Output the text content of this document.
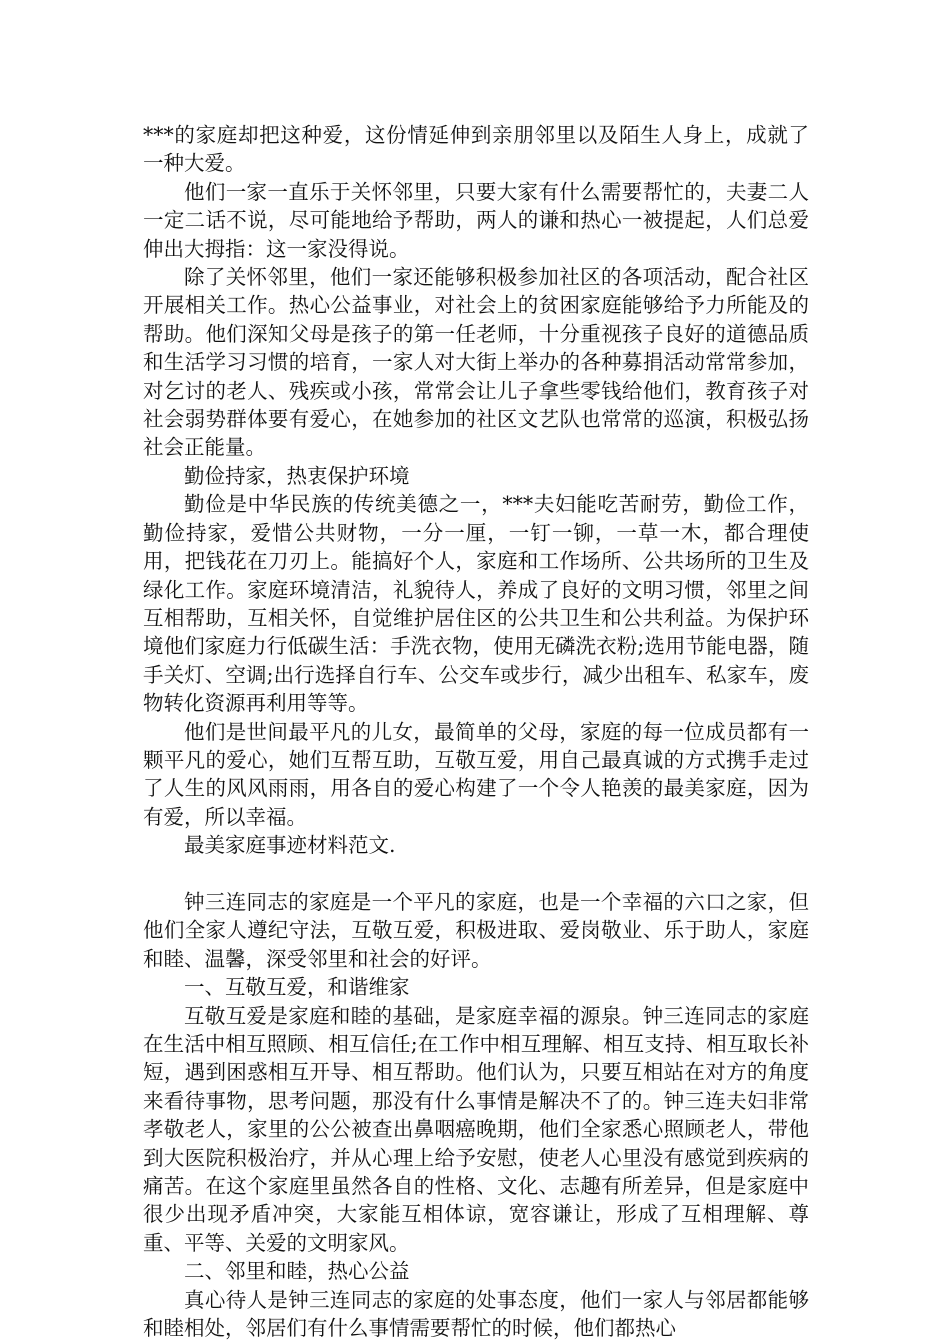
***的家庭却把这种爱，这份情延伸到亲朋邻里以及陌生人身上，成就了一种大爱。

他们一家一直乐于关怀邻里，只要大家有什么需要帮忙的，夫妻二人一定二话不说，尽可能地给予帮助，两人的谦和热心一被提起，人们总爱伸出大拇指：这一家没得说。

除了关怀邻里，他们一家还能够积极参加社区的各项活动，配合社区开展相关工作。热心公益事业，对社会上的贫困家庭能够给予力所能及的帮助。他们深知父母是孩子的第一任老师，十分重视孩子良好的道德品质和生活学习习惯的培育，一家人对大街上举办的各种募捐活动常常参加，对乞讨的老人、残疾或小孩，常常会让儿子拿些零钱给他们，教育孩子对社会弱势群体要有爱心，在她参加的社区文艺队也常常的巡演，积极弘扬社会正能量。

勤俭持家，热衷保护环境

勤俭是中华民族的传统美德之一，***夫妇能吃苦耐劳，勤俭工作，勤俭持家，爱惜公共财物，一分一厘，一钉一铆，一草一木，都合理使用，把钱花在刀刃上。能搞好个人，家庭和工作场所、公共场所的卫生及绿化工作。家庭环境清洁，礼貌待人，养成了良好的文明习惯，邻里之间互相帮助，互相关怀，自觉维护居住区的公共卫生和公共利益。为保护环境他们家庭力行低碳生活：手洗衣物，使用无磷洗衣粉;选用节能电器，随手关灯、空调;出行选择自行车、公交车或步行，减少出租车、私家车，废物转化资源再利用等等。

他们是世间最平凡的儿女，最简单的父母，家庭的每一位成员都有一颗平凡的爱心，她们互帮互助，互敬互爱，用自己最真诚的方式携手走过了人生的风风雨雨，用各自的爱心构建了一个令人艳羡的最美家庭，因为有爱，所以幸福。

最美家庭事迹材料范文.

钟三连同志的家庭是一个平凡的家庭，也是一个幸福的六口之家，但他们全家人遵纪守法，互敬互爱，积极进取、爱岗敬业、乐于助人，家庭和睦、温馨，深受邻里和社会的好评。

一、互敬互爱，和谐维家

互敬互爱是家庭和睦的基础，是家庭幸福的源泉。钟三连同志的家庭在生活中相互照顾、相互信任;在工作中相互理解、相互支持、相互取长补短，遇到困惑相互开导、相互帮助。他们认为，只要互相站在对方的角度来看待事物，思考问题，那没有什么事情是解决不了的。钟三连夫妇非常孝敬老人，家里的公公被查出鼻咽癌晚期，他们全家悉心照顾老人，带他到大医院积极治疗，并从心理上给予安慰，使老人心里没有感觉到疾病的痛苦。在这个家庭里虽然各自的性格、文化、志趣有所差异，但是家庭中很少出现矛盾冲突，大家能互相体谅，宽容谦让，形成了互相理解、尊重、平等、关爱的文明家风。

二、邻里和睦，热心公益

真心待人是钟三连同志的家庭的处事态度，他们一家人与邻居都能够和睦相处，邻居们有什么事情需要帮忙的时候，他们都热心
